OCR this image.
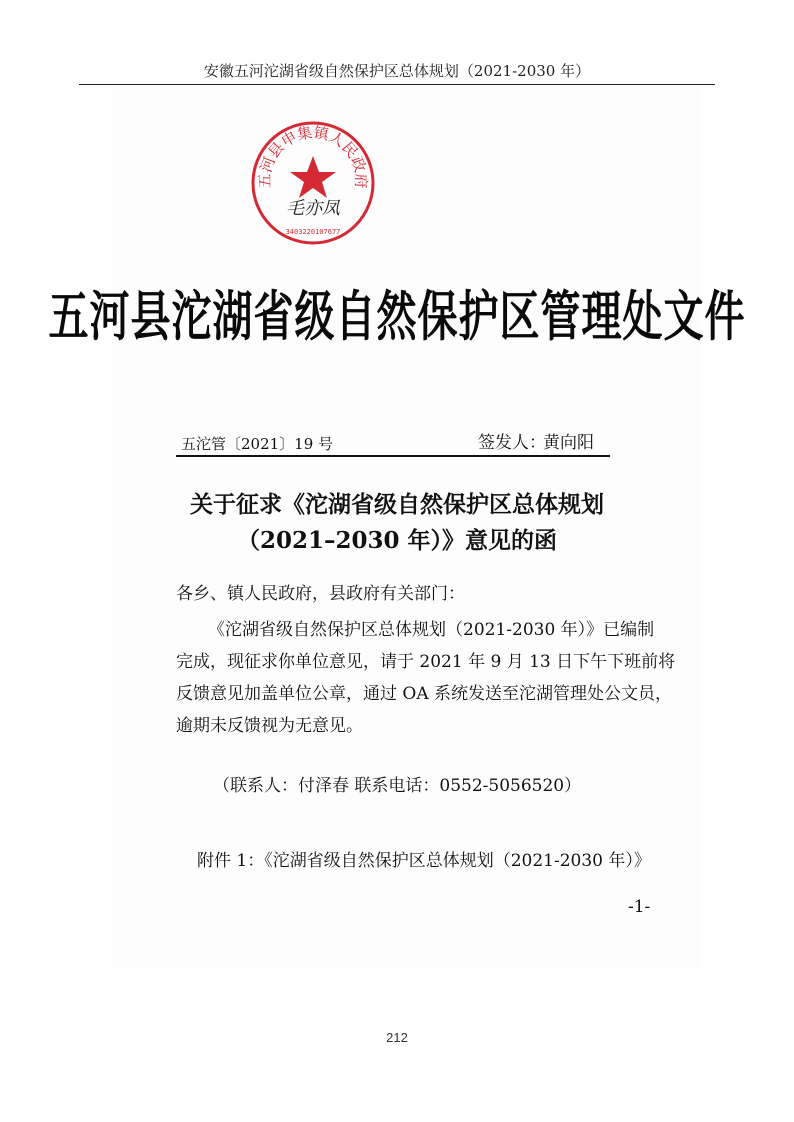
安徽五河沱湖省级自然保护区总体规划（2021-2030 年）
五河县申集镇人民政府
毛亦凤
3403220107677
五河县沱湖省级自然保护区管理处文件
五沱管〔2021〕19 号	签发人：
黄向阳
关于征求《沱湖省级自然保护区总体规划
（2021–2030 年）》意见的函
各乡、镇人民政府，县政府有关部门：
《沱湖省级自然保护区总体规划（2021-2030 年）》已编制
完成，现征求你单位意见，请于 2021 年 9 月 13 日下午下班前将
反馈意见加盖单位公章，通过 OA 系统发送至沱湖管理处公文员，
逾期未反馈视为无意见。
（联系人：付泽春 联系电话：0552-5056520）
附件 1：《沱湖省级自然保护区总体规划（2021-2030 年）》
-1-
212
